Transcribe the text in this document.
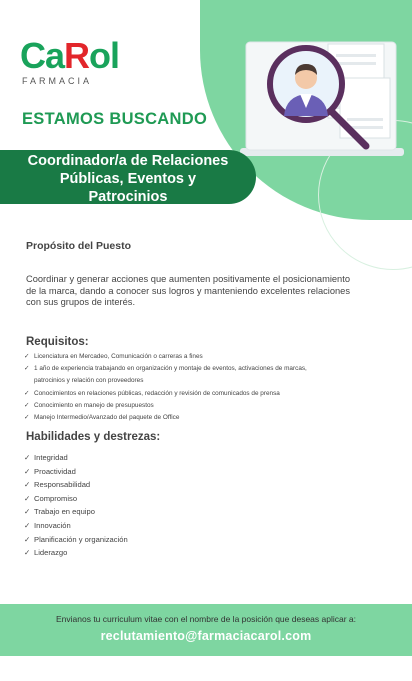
CaRol
FARMACIA
ESTAMOS BUSCANDO
Coordinador/a de Relaciones
Públicas, Eventos y
Patrocinios
Propósito del Puesto

Coordinar y generar acciones que aumenten positivamente el posicionamiento de la marca, dando a conocer sus logros y manteniendo excelentes relaciones con sus grupos de interés.

Requisitos:
✓ Licenciatura en Mercadeo, Comunicación o carreras a fines
✓ 1 año de experiencia trabajando en organización y montaje de eventos, activaciones de marcas,
patrocinios y relación con proveedores
✓ Conocimientos en relaciones públicas, redacción y revisión de comunicados de prensa
✓ Conocimiento en manejo de presupuestos
✓ Manejo Intermedio/Avanzado del paquete de Office
Habilidades y destrezas:
✓ Integridad
✓ Proactividad
✓ Responsabilidad
✓ Compromiso
✓ Trabajo en equipo
✓ Innovación
✓ Planificación y organización
✓ Liderazgo
Envianos tu curriculum vitae con el nombre de la posición que deseas aplicar a:
reclutamiento@farmaciacarol.com
